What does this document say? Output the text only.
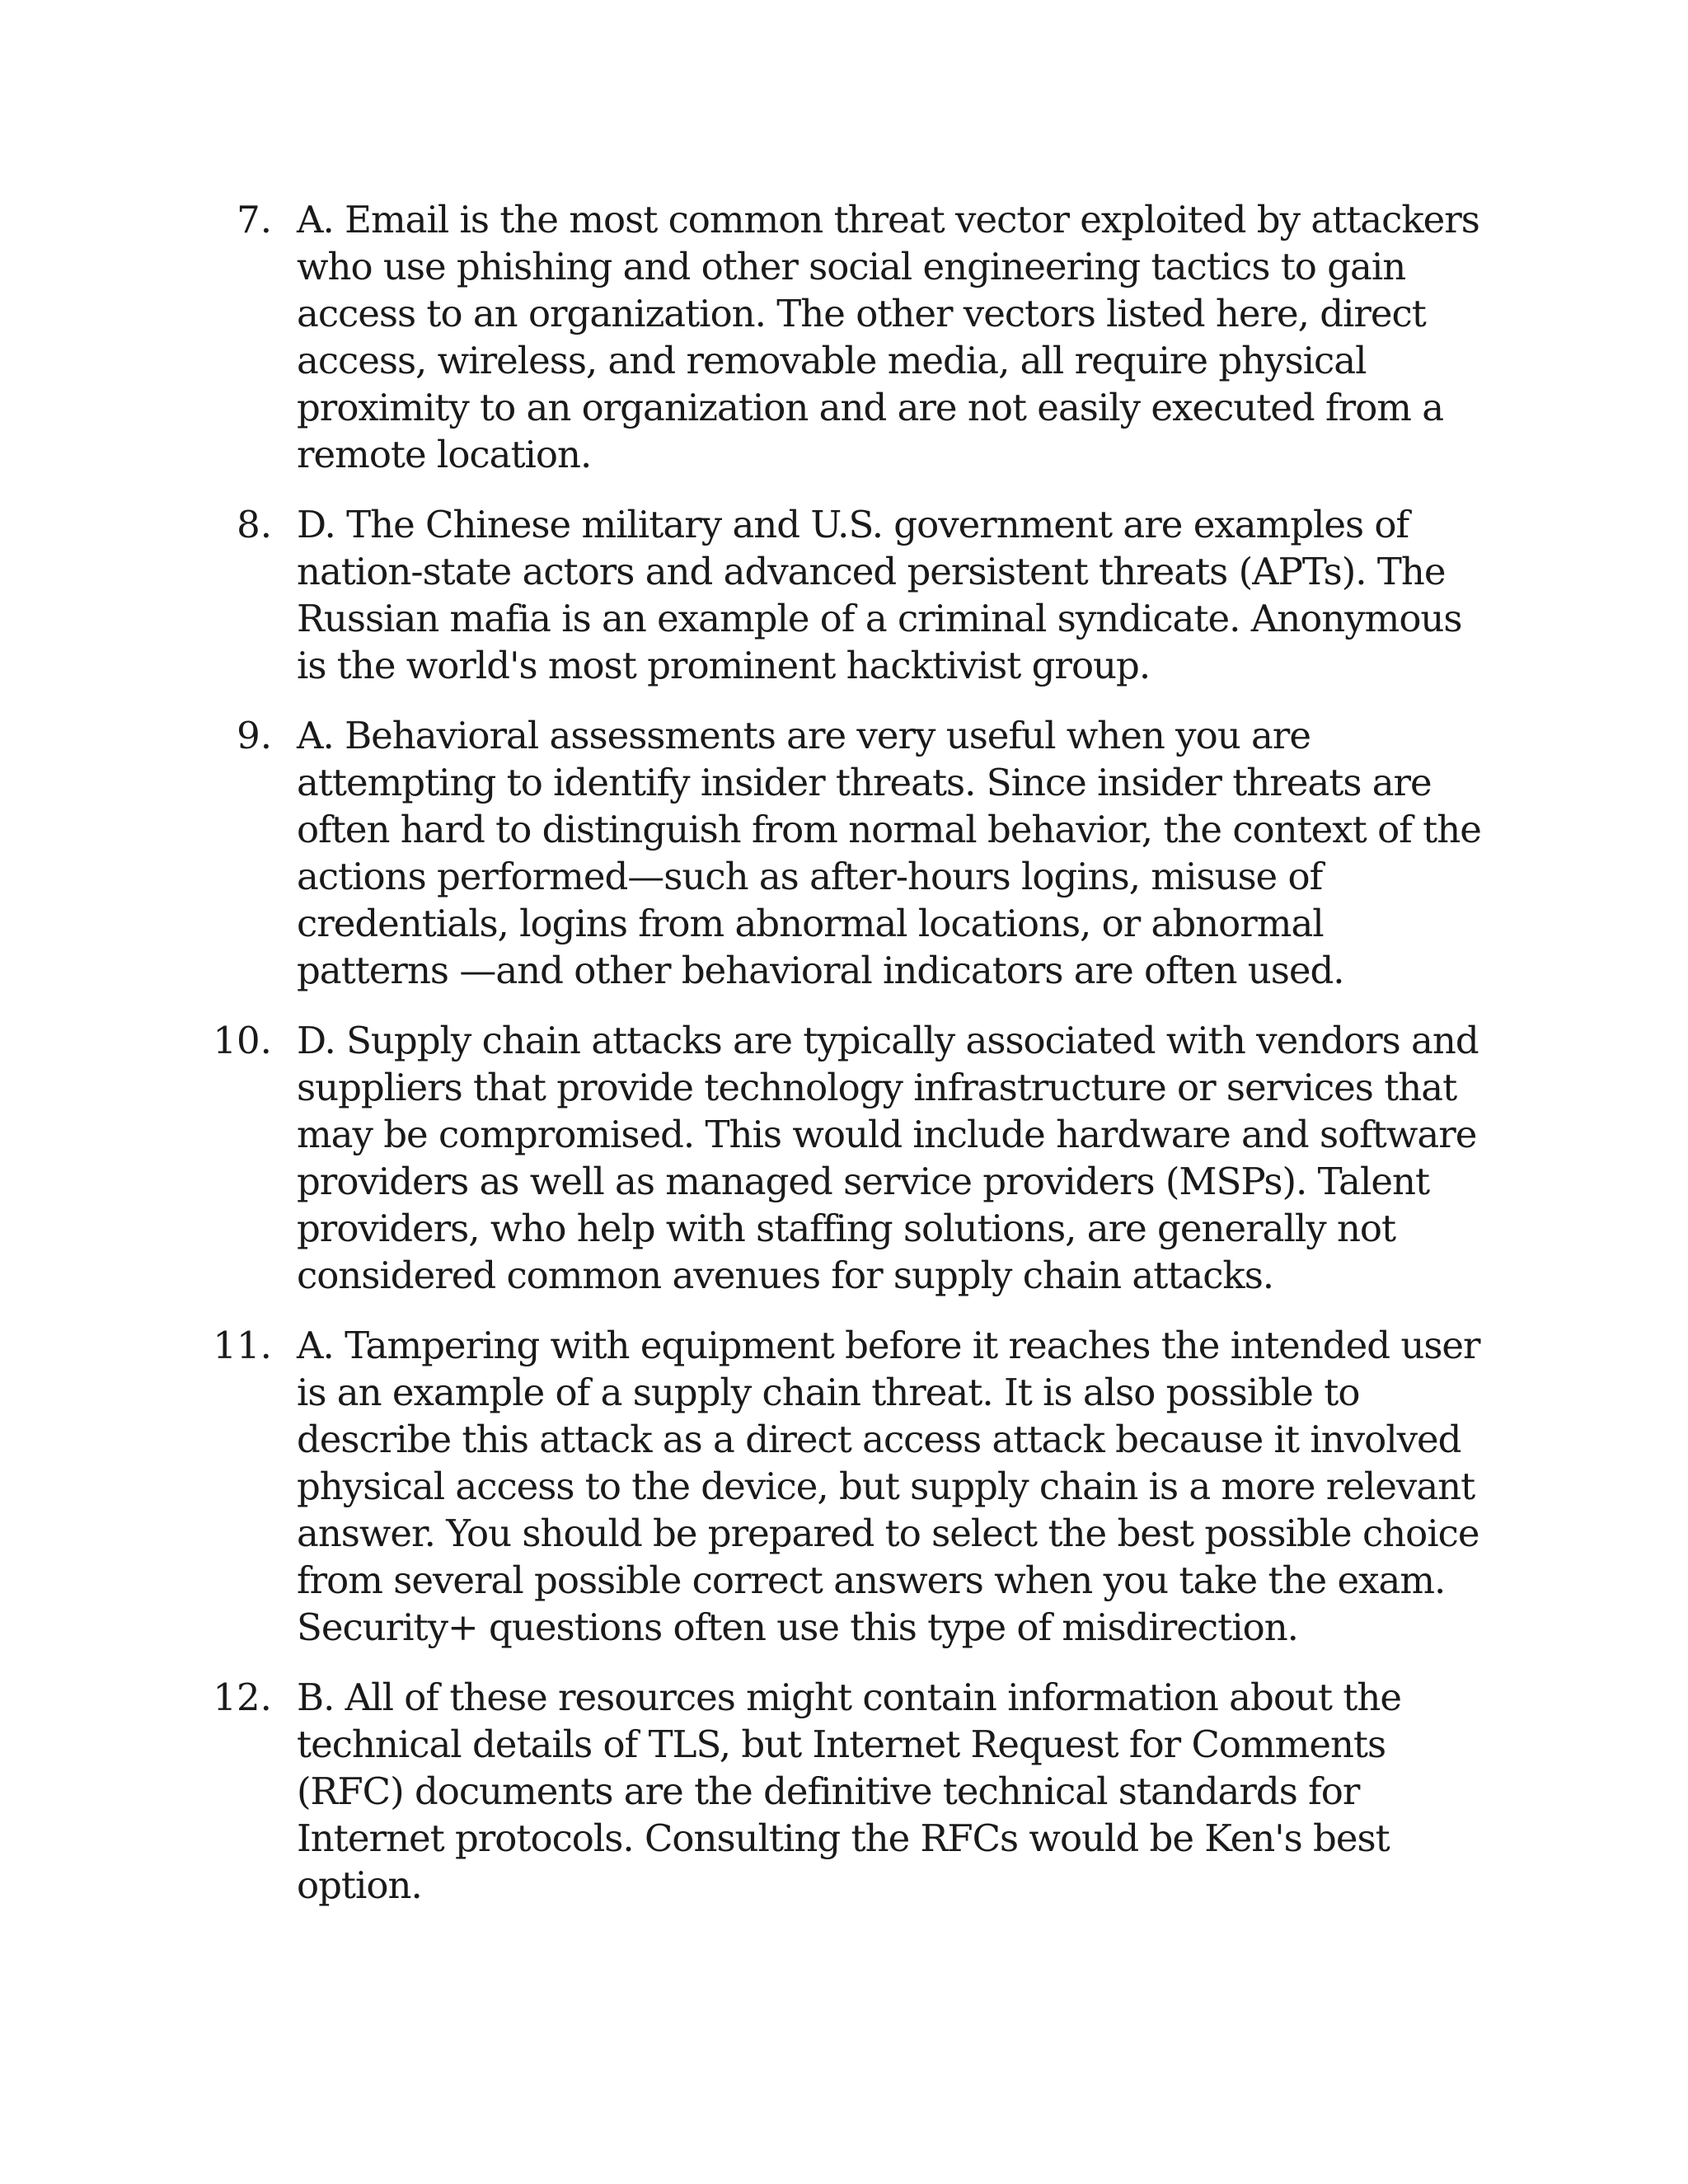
7. A. Email is the most common threat vector exploited by attackers who use phishing and other social engineering tactics to gain access to an organization. The other vectors listed here, direct access, wireless, and removable media, all require physical proximity to an organization and are not easily executed from a remote location.
8. D. The Chinese military and U.S. government are examples of nation-state actors and advanced persistent threats (APTs). The Russian mafia is an example of a criminal syndicate. Anonymous is the world's most prominent hacktivist group.
9. A. Behavioral assessments are very useful when you are attempting to identify insider threats. Since insider threats are often hard to distinguish from normal behavior, the context of the actions performed—such as after-hours logins, misuse of credentials, logins from abnormal locations, or abnormal patterns —and other behavioral indicators are often used.
10. D. Supply chain attacks are typically associated with vendors and suppliers that provide technology infrastructure or services that may be compromised. This would include hardware and software providers as well as managed service providers (MSPs). Talent providers, who help with staffing solutions, are generally not considered common avenues for supply chain attacks.
11. A. Tampering with equipment before it reaches the intended user is an example of a supply chain threat. It is also possible to describe this attack as a direct access attack because it involved physical access to the device, but supply chain is a more relevant answer. You should be prepared to select the best possible choice from several possible correct answers when you take the exam. Security+ questions often use this type of misdirection.
12. B. All of these resources might contain information about the technical details of TLS, but Internet Request for Comments (RFC) documents are the definitive technical standards for Internet protocols. Consulting the RFCs would be Ken's best option.
